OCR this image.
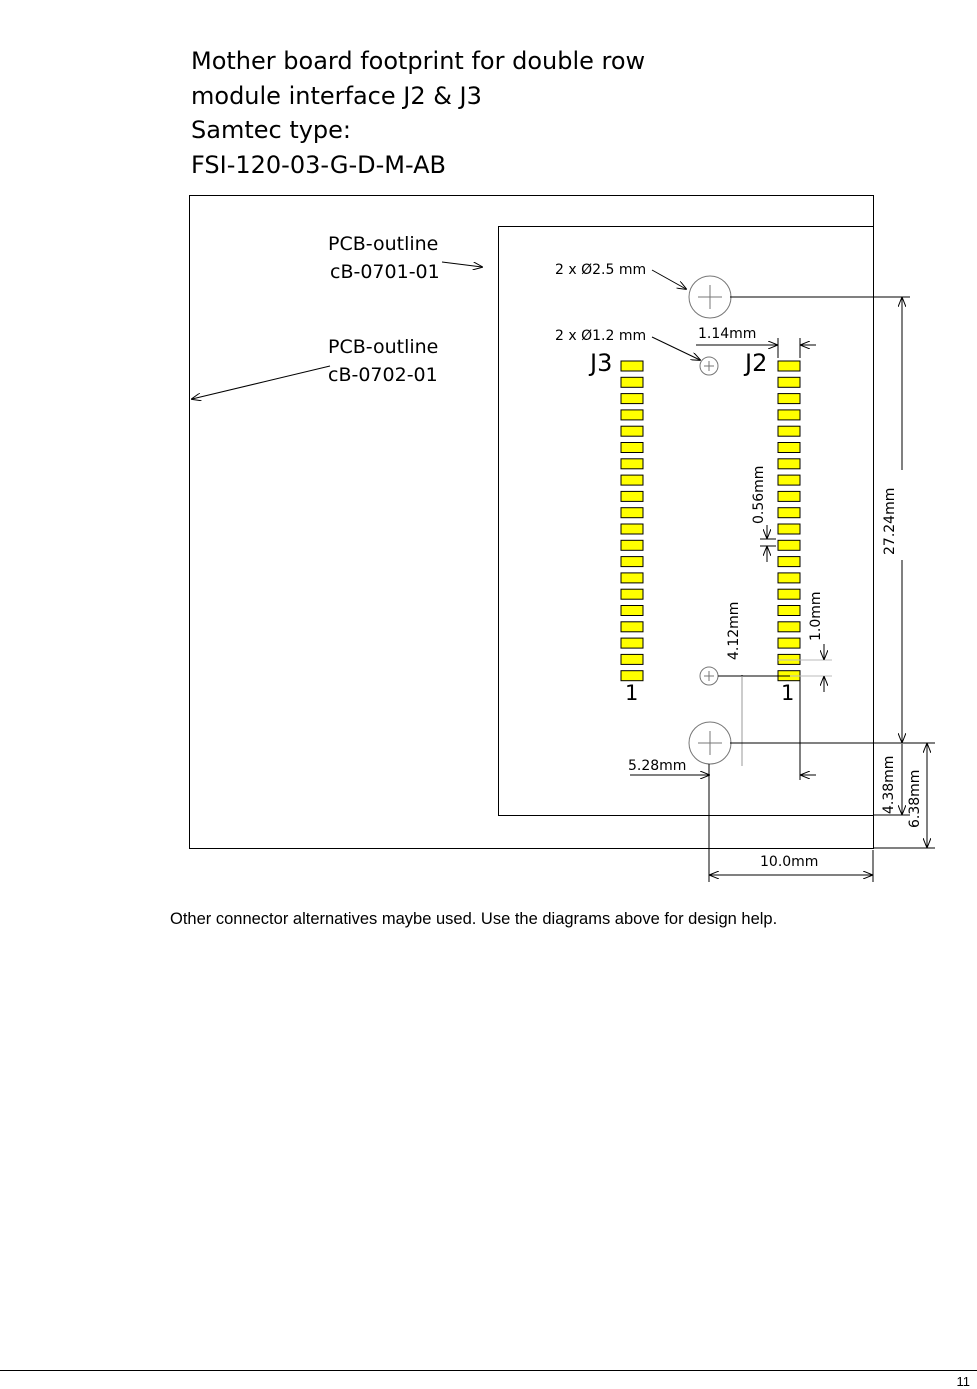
Mother board footprint for double row
module interface J2 & J3
Samtec type:
FSI-120-03-G-D-M-AB
PCB-outline
cB-0701-01
PCB-outline
cB-0702-01
2 x Ø2.5 mm
2 x Ø1.2 mm
J3	J2
1	1
1.14mm
0.56mm
1.0mm
4.12mm
5.28mm
27.24mm
4.38mm 6.38mm
10.0mm
Other connector alternatives maybe used. Use the diagrams above for design help.
11
